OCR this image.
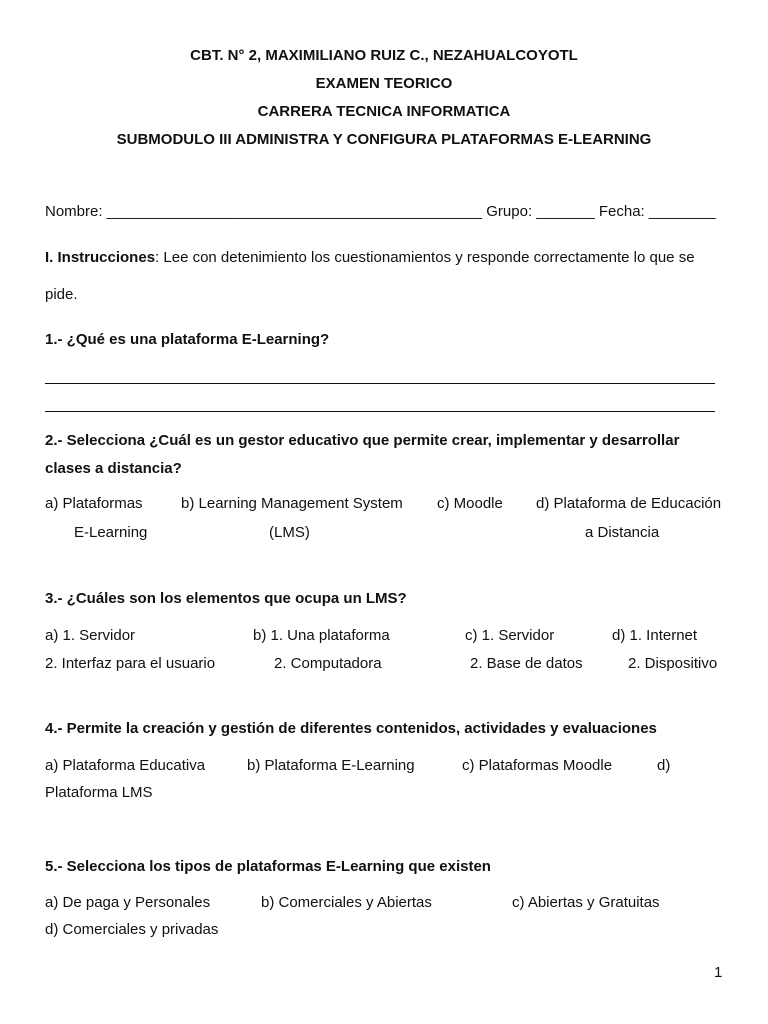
CBT. N° 2, MAXIMILIANO RUIZ C., NEZAHUALCOYOTL
EXAMEN TEORICO
CARRERA TECNICA INFORMATICA
SUBMODULO III ADMINISTRA Y CONFIGURA PLATAFORMAS E-LEARNING
Nombre: _____________________________________________ Grupo: _______ Fecha: ________
I. Instrucciones: Lee con detenimiento los cuestionamientos y responde correctamente lo que se
pide.
1.- ¿Qué es una plataforma E-Learning?
2.- Selecciona ¿Cuál es un gestor educativo que permite crear, implementar y desarrollar
clases a distancia?
a) Plataformas
E-Learning
b) Learning Management System
(LMS)
c) Moodle d) Plataforma de Educación
a Distancia
3.- ¿Cuáles son los elementos que ocupa un LMS?
a) 1. Servidor
2. Interfaz para el usuario
b) 1. Una plataforma
2. Computadora
c) 1. Servidor
2. Base de datos
d) 1. Internet
2. Dispositivo
4.- Permite la creación y gestión de diferentes contenidos, actividades y evaluaciones
a) Plataforma Educativa	b) Plataforma E-Learning	c) Plataformas Moodle	d)
Plataforma LMS
5.- Selecciona los tipos de plataformas E-Learning que existen
a) De paga y Personales	b) Comerciales y Abiertas	c) Abiertas y Gratuitas
d) Comerciales y privadas
1
